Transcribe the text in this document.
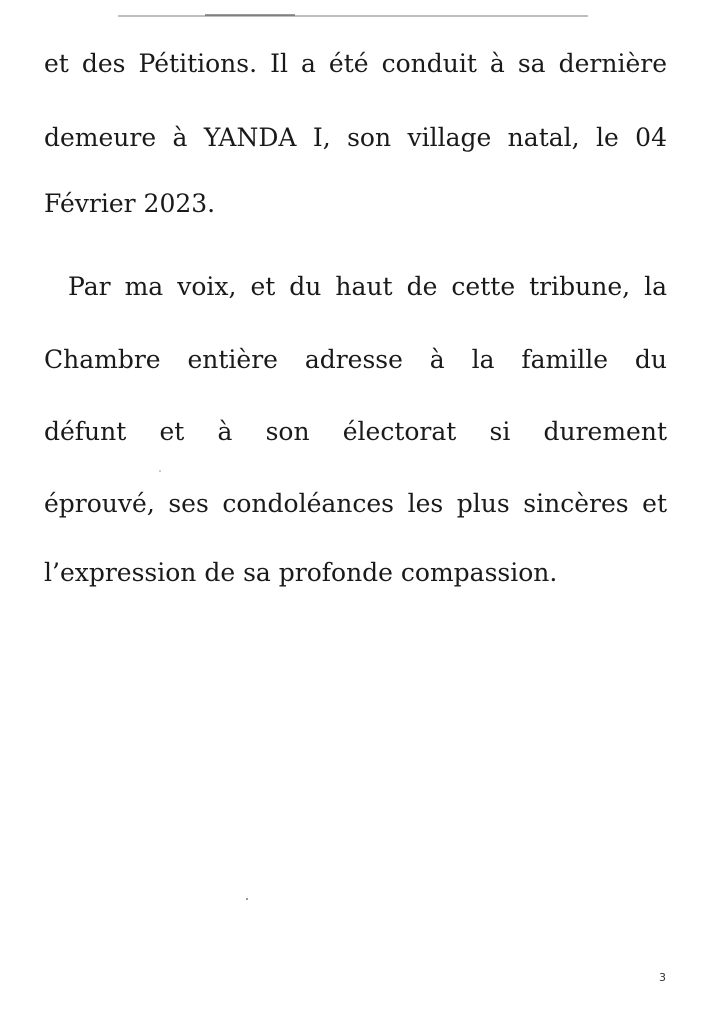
et des Pétitions. Il a été conduit à sa dernière
demeure à YANDA I, son village natal, le 04
Février 2023.
Par ma voix, et du haut de cette tribune, la
Chambre entière adresse à la famille du
défunt et à son électorat si durement
éprouvé, ses condoléances les plus sincères et
l’expression de sa profonde compassion.
3
